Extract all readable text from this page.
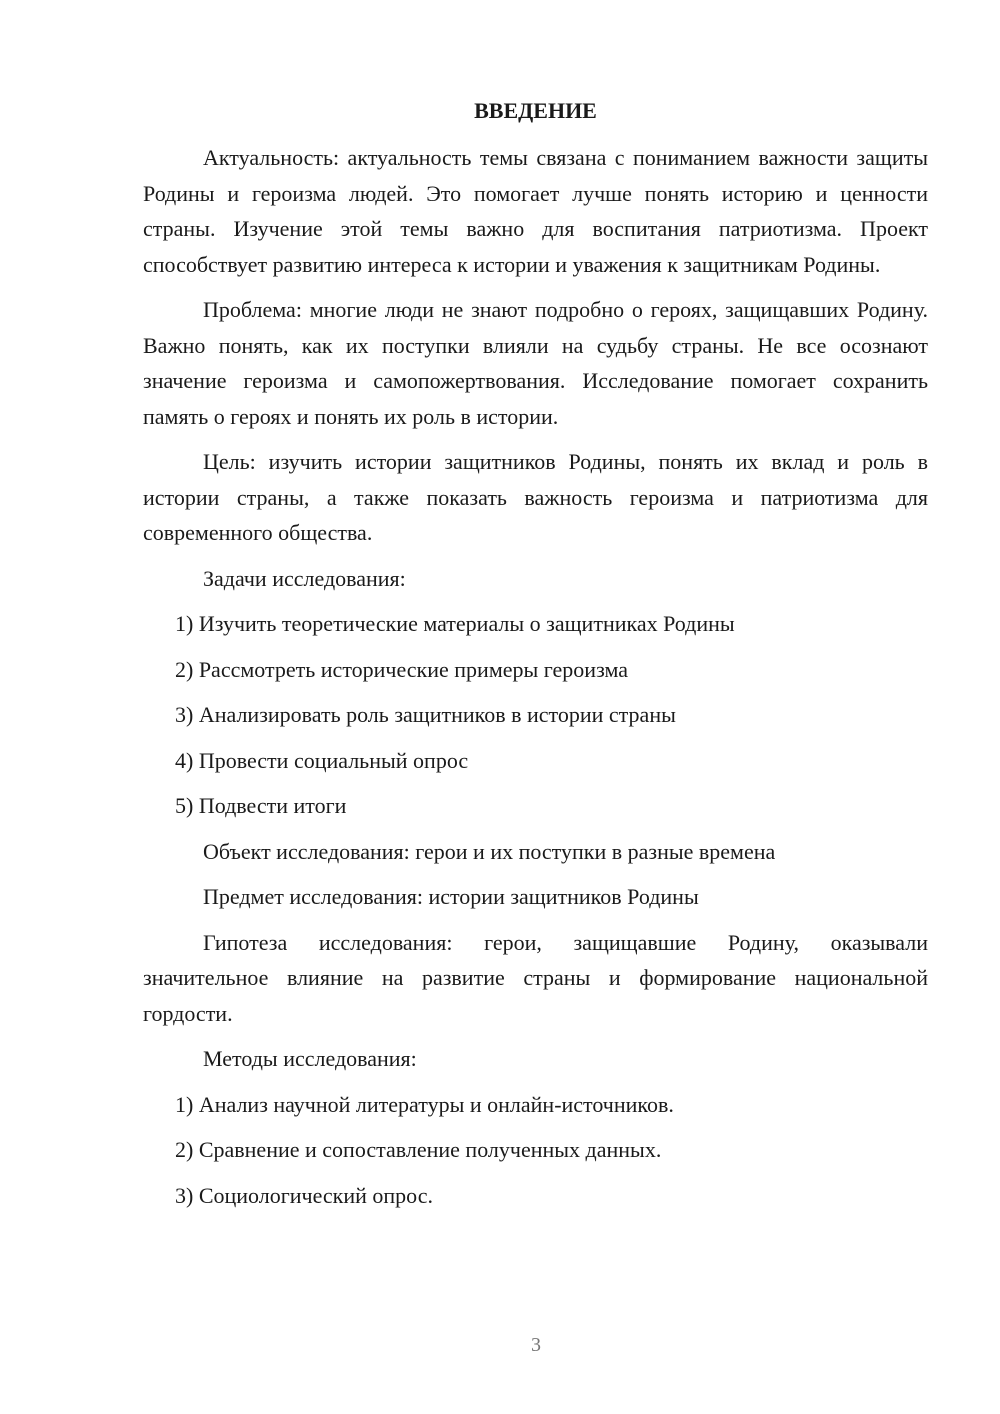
ВВЕДЕНИЕ

Актуальность: актуальность темы связана с пониманием важности защиты Родины и героизма людей. Это помогает лучше понять историю и ценности страны. Изучение этой темы важно для воспитания патриотизма. Проект способствует развитию интереса к истории и уважения к защитникам Родины.

Проблема: многие люди не знают подробно о героях, защищавших Родину. Важно понять, как их поступки влияли на судьбу страны. Не все осознают значение героизма и самопожертвования. Исследование помогает сохранить память о героях и понять их роль в истории.

Цель: изучить истории защитников Родины, понять их вклад и роль в истории страны, а также показать важность героизма и патриотизма для современного общества.

Задачи исследования:

1) Изучить теоретические материалы о защитниках Родины

2) Рассмотреть исторические примеры героизма

3) Анализировать роль защитников в истории страны

4) Провести социальный опрос

5) Подвести итоги

Объект исследования: герои и их поступки в разные времена

Предмет исследования: истории защитников Родины

Гипотеза исследования: герои, защищавшие Родину, оказывали значительное влияние на развитие страны и формирование национальной гордости.

Методы исследования:

1) Анализ научной литературы и онлайн-источников.

2) Сравнение и сопоставление полученных данных.

3) Социологический опрос.

3
